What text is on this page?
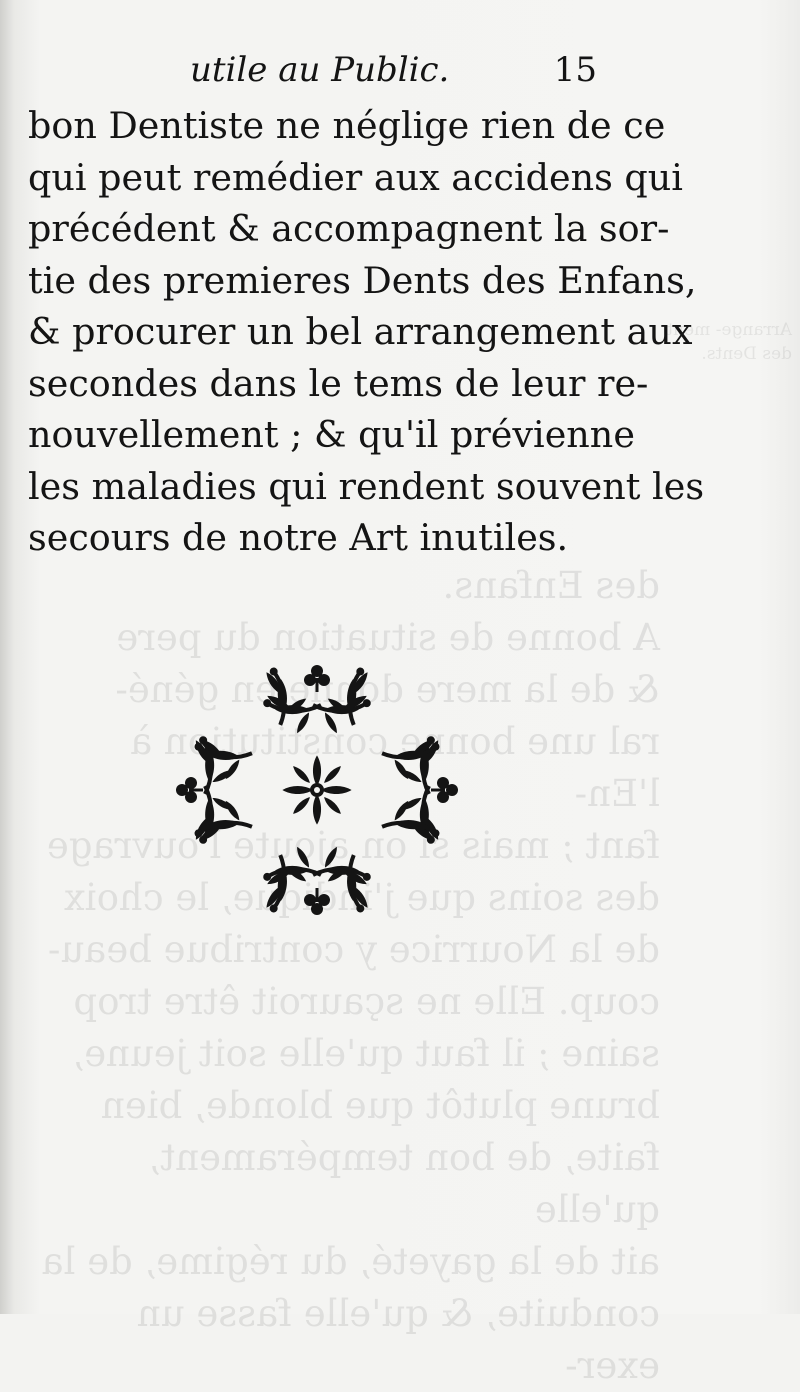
des Enfans.
A bonne de situation du pere
& de la mere donne en géné-
ral une bonne constitution à l'En-
fant ; mais si on ajoute l'ouvrage
des soins que  le choix
de la Nourrice y contribue beau-
coup. Elle ne sçauroit être trop
saine ; il faut qu'elle soit jeune,
brune plutôt que blonde, bien
faite, de bon tempérament, qu'elle
ait de la gayeté, du régime, de la
conduite, & qu'elle fasse un exer-
Arrange- ment des Dents.
utile au Public.	15
bon Dentiste ne néglige rien de ce
qui peut remédier aux accidens qui
précédent & accompagnent la sor-
tie des premieres Dents des Enfans,
& procurer un bel arrangement aux
secondes dans le tems de leur re-
nouvellement ; & qu'il prévienne
les maladies qui rendent souvent les
secours de notre Art inutiles.
